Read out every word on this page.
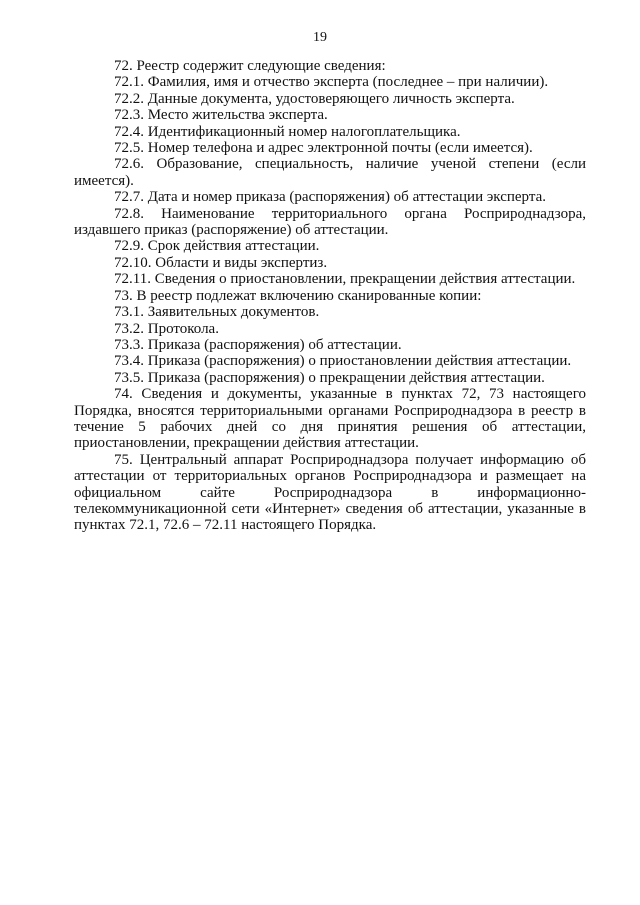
19

72. Реестр содержит следующие сведения:

72.1. Фамилия, имя и отчество эксперта (последнее – при наличии).

72.2. Данные документа, удостоверяющего личность эксперта.

72.3. Место жительства эксперта.

72.4. Идентификационный номер налогоплательщика.

72.5. Номер телефона и адрес электронной почты (если имеется).

72.6. Образование, специальность, наличие ученой степени (если имеется).

72.7. Дата и номер приказа (распоряжения) об аттестации эксперта.

72.8. Наименование территориального органа Росприроднадзора, издавшего приказ (распоряжение) об аттестации.

72.9. Срок действия аттестации.

72.10. Области и виды экспертиз.

72.11. Сведения о приостановлении, прекращении действия аттестации.

73. В реестр подлежат включению сканированные копии:

73.1. Заявительных документов.

73.2. Протокола.

73.3. Приказа (распоряжения) об аттестации.

73.4. Приказа (распоряжения) о приостановлении действия аттестации.

73.5. Приказа (распоряжения) о прекращении действия аттестации.

74. Сведения и документы, указанные в пунктах 72, 73 настоящего Порядка, вносятся территориальными органами Росприроднадзора в реестр в течение 5 рабочих дней со дня принятия решения об аттестации, приостановлении, прекращении действия аттестации.

75. Центральный аппарат Росприроднадзора получает информацию об аттестации от территориальных органов Росприроднадзора и размещает на официальном сайте Росприроднадзора в информационно-телекоммуникационной сети «Интернет» сведения об аттестации, указанные в пунктах 72.1, 72.6 – 72.11 настоящего Порядка.
